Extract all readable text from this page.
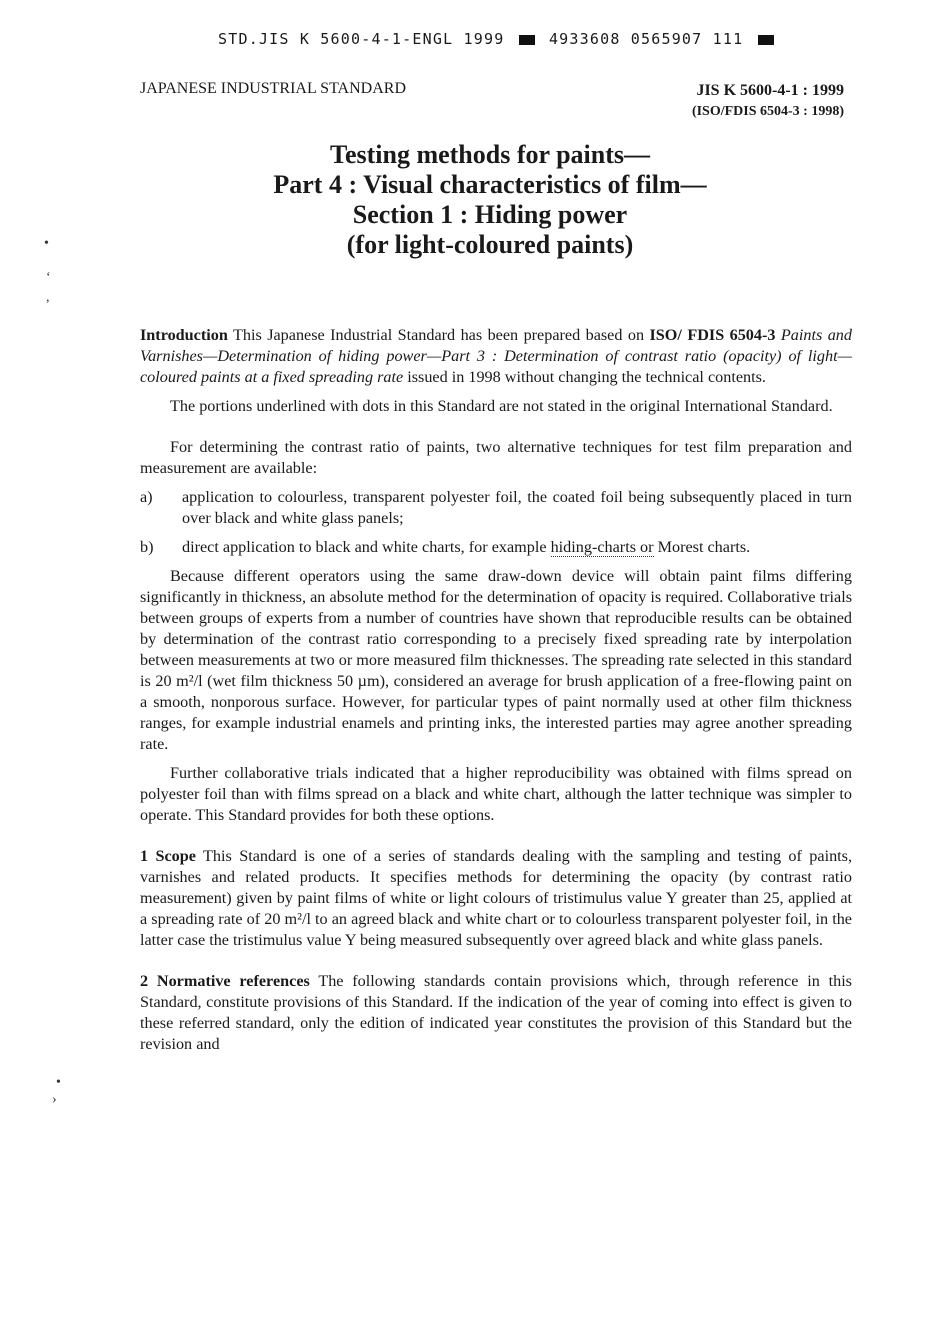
STD.JIS K 5600-4-1-ENGL 1999	4933608 0565907 111
JAPANESE INDUSTRIAL STANDARD	JIS K 5600-4-1 : 1999
(ISO/FDIS 6504-3 : 1998)
Testing methods for paints—
Part 4 : Visual characteristics of film—
Section 1 : Hiding power
(for light-coloured paints)
•
‘
,
•
›

Introduction This Japanese Industrial Standard has been prepared based on ISO/ FDIS 6504-3 Paints and Varnishes—Determination of hiding power—Part 3 : Determination of contrast ratio (opacity) of light—coloured paints at a fixed spreading rate issued in 1998 without changing the technical contents.

The portions underlined with dots in this Standard are not stated in the original International Standard.

For determining the contrast ratio of paints, two alternative techniques for test film preparation and measurement are available:

a)	application to colourless, transparent polyester foil, the coated foil being subsequently placed in turn over black and white glass panels;
b)	direct application to black and white charts, for example hiding-charts or Morest charts.

Because different operators using the same draw-down device will obtain paint films differing significantly in thickness, an absolute method for the determination of opacity is required. Collaborative trials between groups of experts from a number of countries have shown that reproducible results can be obtained by determination of the contrast ratio corresponding to a precisely fixed spreading rate by interpolation between measurements at two or more measured film thicknesses. The spreading rate selected in this standard is 20 m²/l (wet film thickness 50 µm), considered an average for brush application of a free-flowing paint on a smooth, nonporous surface. However, for particular types of paint normally used at other film thickness ranges, for example industrial enamels and printing inks, the interested parties may agree another spreading rate.

Further collaborative trials indicated that a higher reproducibility was obtained with films spread on polyester foil than with films spread on a black and white chart, although the latter technique was simpler to operate. This Standard provides for both these options.

1 Scope This Standard is one of a series of standards dealing with the sampling and testing of paints, varnishes and related products. It specifies methods for determining the opacity (by contrast ratio measurement) given by paint films of white or light colours of tristimulus value Y greater than 25, applied at a spreading rate of 20 m²/l to an agreed black and white chart or to colourless transparent polyester foil, in the latter case the tristimulus value Y being measured subsequently over agreed black and white glass panels.

2 Normative references The following standards contain provisions which, through reference in this Standard, constitute provisions of this Standard. If the indication of the year of coming into effect is given to these referred standard, only the edition of indicated year constitutes the provision of this Standard but the revision and
